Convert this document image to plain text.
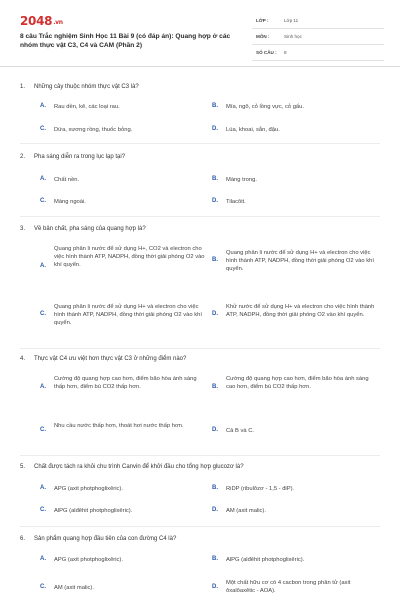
2048.vn
8 câu Trắc nghiệm Sinh Học 11 Bài 9 (có đáp án): Quang hợp ở các nhóm thực vật C3, C4 và CAM (Phần 2)
LỚP :	Lớp 11
MÔN :	Sinh học
SỐ CÂU : 8
1. Những cây thuộc nhóm thực vật C3 là?
A. Rau dền, kê, các loại rau.	B. Mía, ngô, cỏ lồng vực, cỏ gấu.
C. Dứa, xương rồng, thuốc bỏng.	D. Lúa, khoai, sắn, đậu.
2. Pha sáng diễn ra trong lục lạp tại?
A. Chất nền.	B. Màng trong.
C. Màng ngoài.	D. Tilacôit.
3. Về bản chất, pha sáng của quang hợp là?
A.
Quang phân li nước để sử dụng H+, CO2 và electron cho việc hình thành ATP, NADPH, đồng thời giải phóng O2 vào khí quyển.
B.
Quang phân li nước để sử dụng H+ và electron cho việc hình thành ATP, NADPH, đồng thời giải phóng O2 vào khí quyển.
C.
Quang phân li nước để sử dụng H+ và electron cho việc hình thành ATP, NADPH, đồng thời giải phóng O2 vào khí quyển.
D.
Khử nước để sử dụng H+ và electron cho việc hình thành ATP, NADPH, đồng thời giải phóng O2 vào khí quyển.
4. Thực vật C4 ưu việt hơn thực vật C3 ở những điểm nào?
A.
Cường độ quang hợp cao hơn, điểm bão hòa ánh sáng thấp hơn, điểm bù CO2 thấp hơn.	B.
Cường độ quang hợp cao hơn, điểm bão hòa ánh sáng cao hơn, điểm bù CO2 thấp hơn.
C.
Nhu cầu nước thấp hơn, thoát hơi nước thấp hơn.
D. Cả B và C.
5. Chất được tách ra khỏi chu trình Canvin để khởi đầu cho tổng hợp glucozơ là?
A. APG (axit photphoglixêric).	B. RiDP (ribulôzơ - 1,5 - điP).
C. AlPG (alđêhit photphoglixêric).	D. AM (axit malic).
6. Sản phẩm quang hợp đầu tiên của con đường C4 là?
A. APG (axit photphoglixêric).	B. AlPG (alđêhit photphoglixêric).
C. AM (axit malic).	D.
Một chất hữu cơ có 4 cacbon trong phân tử (axit ôxalôaxêtic - AOA).
